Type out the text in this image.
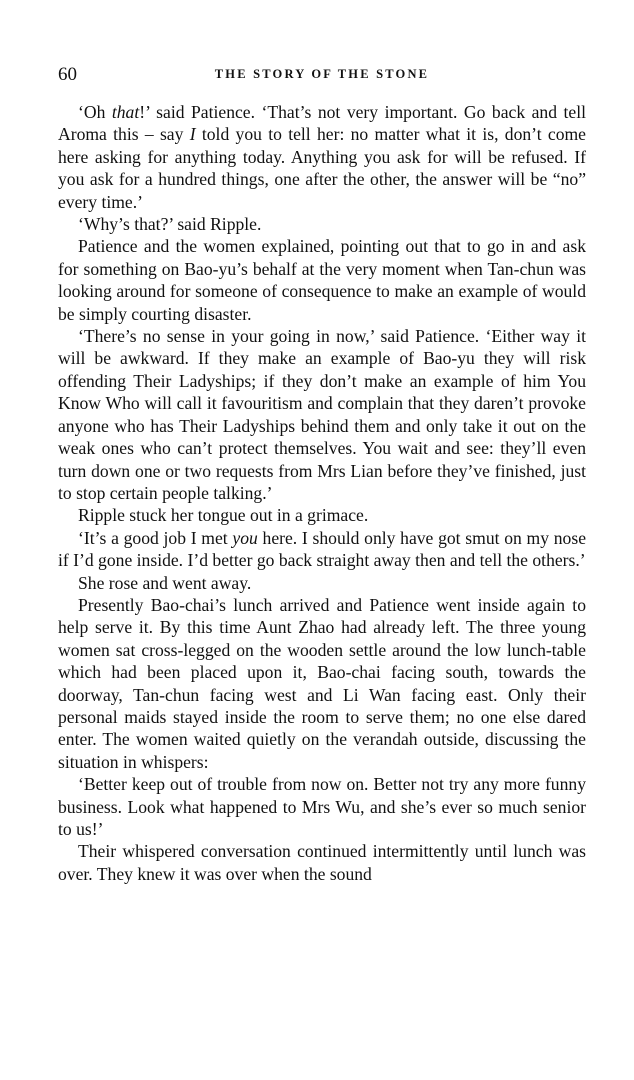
60	THE STORY OF THE STONE

‘Oh that!’ said Patience. ‘That’s not very important. Go back and tell Aroma this – say I told you to tell her: no matter what it is, don’t come here asking for anything today. Anything you ask for will be refused. If you ask for a hundred things, one after the other, the answer will be “no” every time.’

‘Why’s that?’ said Ripple.

Patience and the women explained, pointing out that to go in and ask for something on Bao-yu’s behalf at the very moment when Tan-chun was looking around for someone of consequence to make an example of would be simply courting disaster.

‘There’s no sense in your going in now,’ said Patience. ‘Either way it will be awkward. If they make an example of Bao-yu they will risk offending Their Ladyships; if they don’t make an example of him You Know Who will call it favouritism and complain that they daren’t provoke anyone who has Their Ladyships behind them and only take it out on the weak ones who can’t protect themselves. You wait and see: they’ll even turn down one or two requests from Mrs Lian before they’ve finished, just to stop certain people talking.’

Ripple stuck her tongue out in a grimace.

‘It’s a good job I met you here. I should only have got smut on my nose if I’d gone inside. I’d better go back straight away then and tell the others.’

She rose and went away.

Presently Bao-chai’s lunch arrived and Patience went inside again to help serve it. By this time Aunt Zhao had already left. The three young women sat cross-legged on the wooden settle around the low lunch-table which had been placed upon it, Bao-chai facing south, towards the doorway, Tan-chun facing west and Li Wan facing east. Only their personal maids stayed inside the room to serve them; no one else dared enter. The women waited quietly on the verandah outside, discussing the situation in whispers:

‘Better keep out of trouble from now on. Better not try any more funny business. Look what happened to Mrs Wu, and she’s ever so much senior to us!’

Their whispered conversation continued intermittently until lunch was over. They knew it was over when the sound
